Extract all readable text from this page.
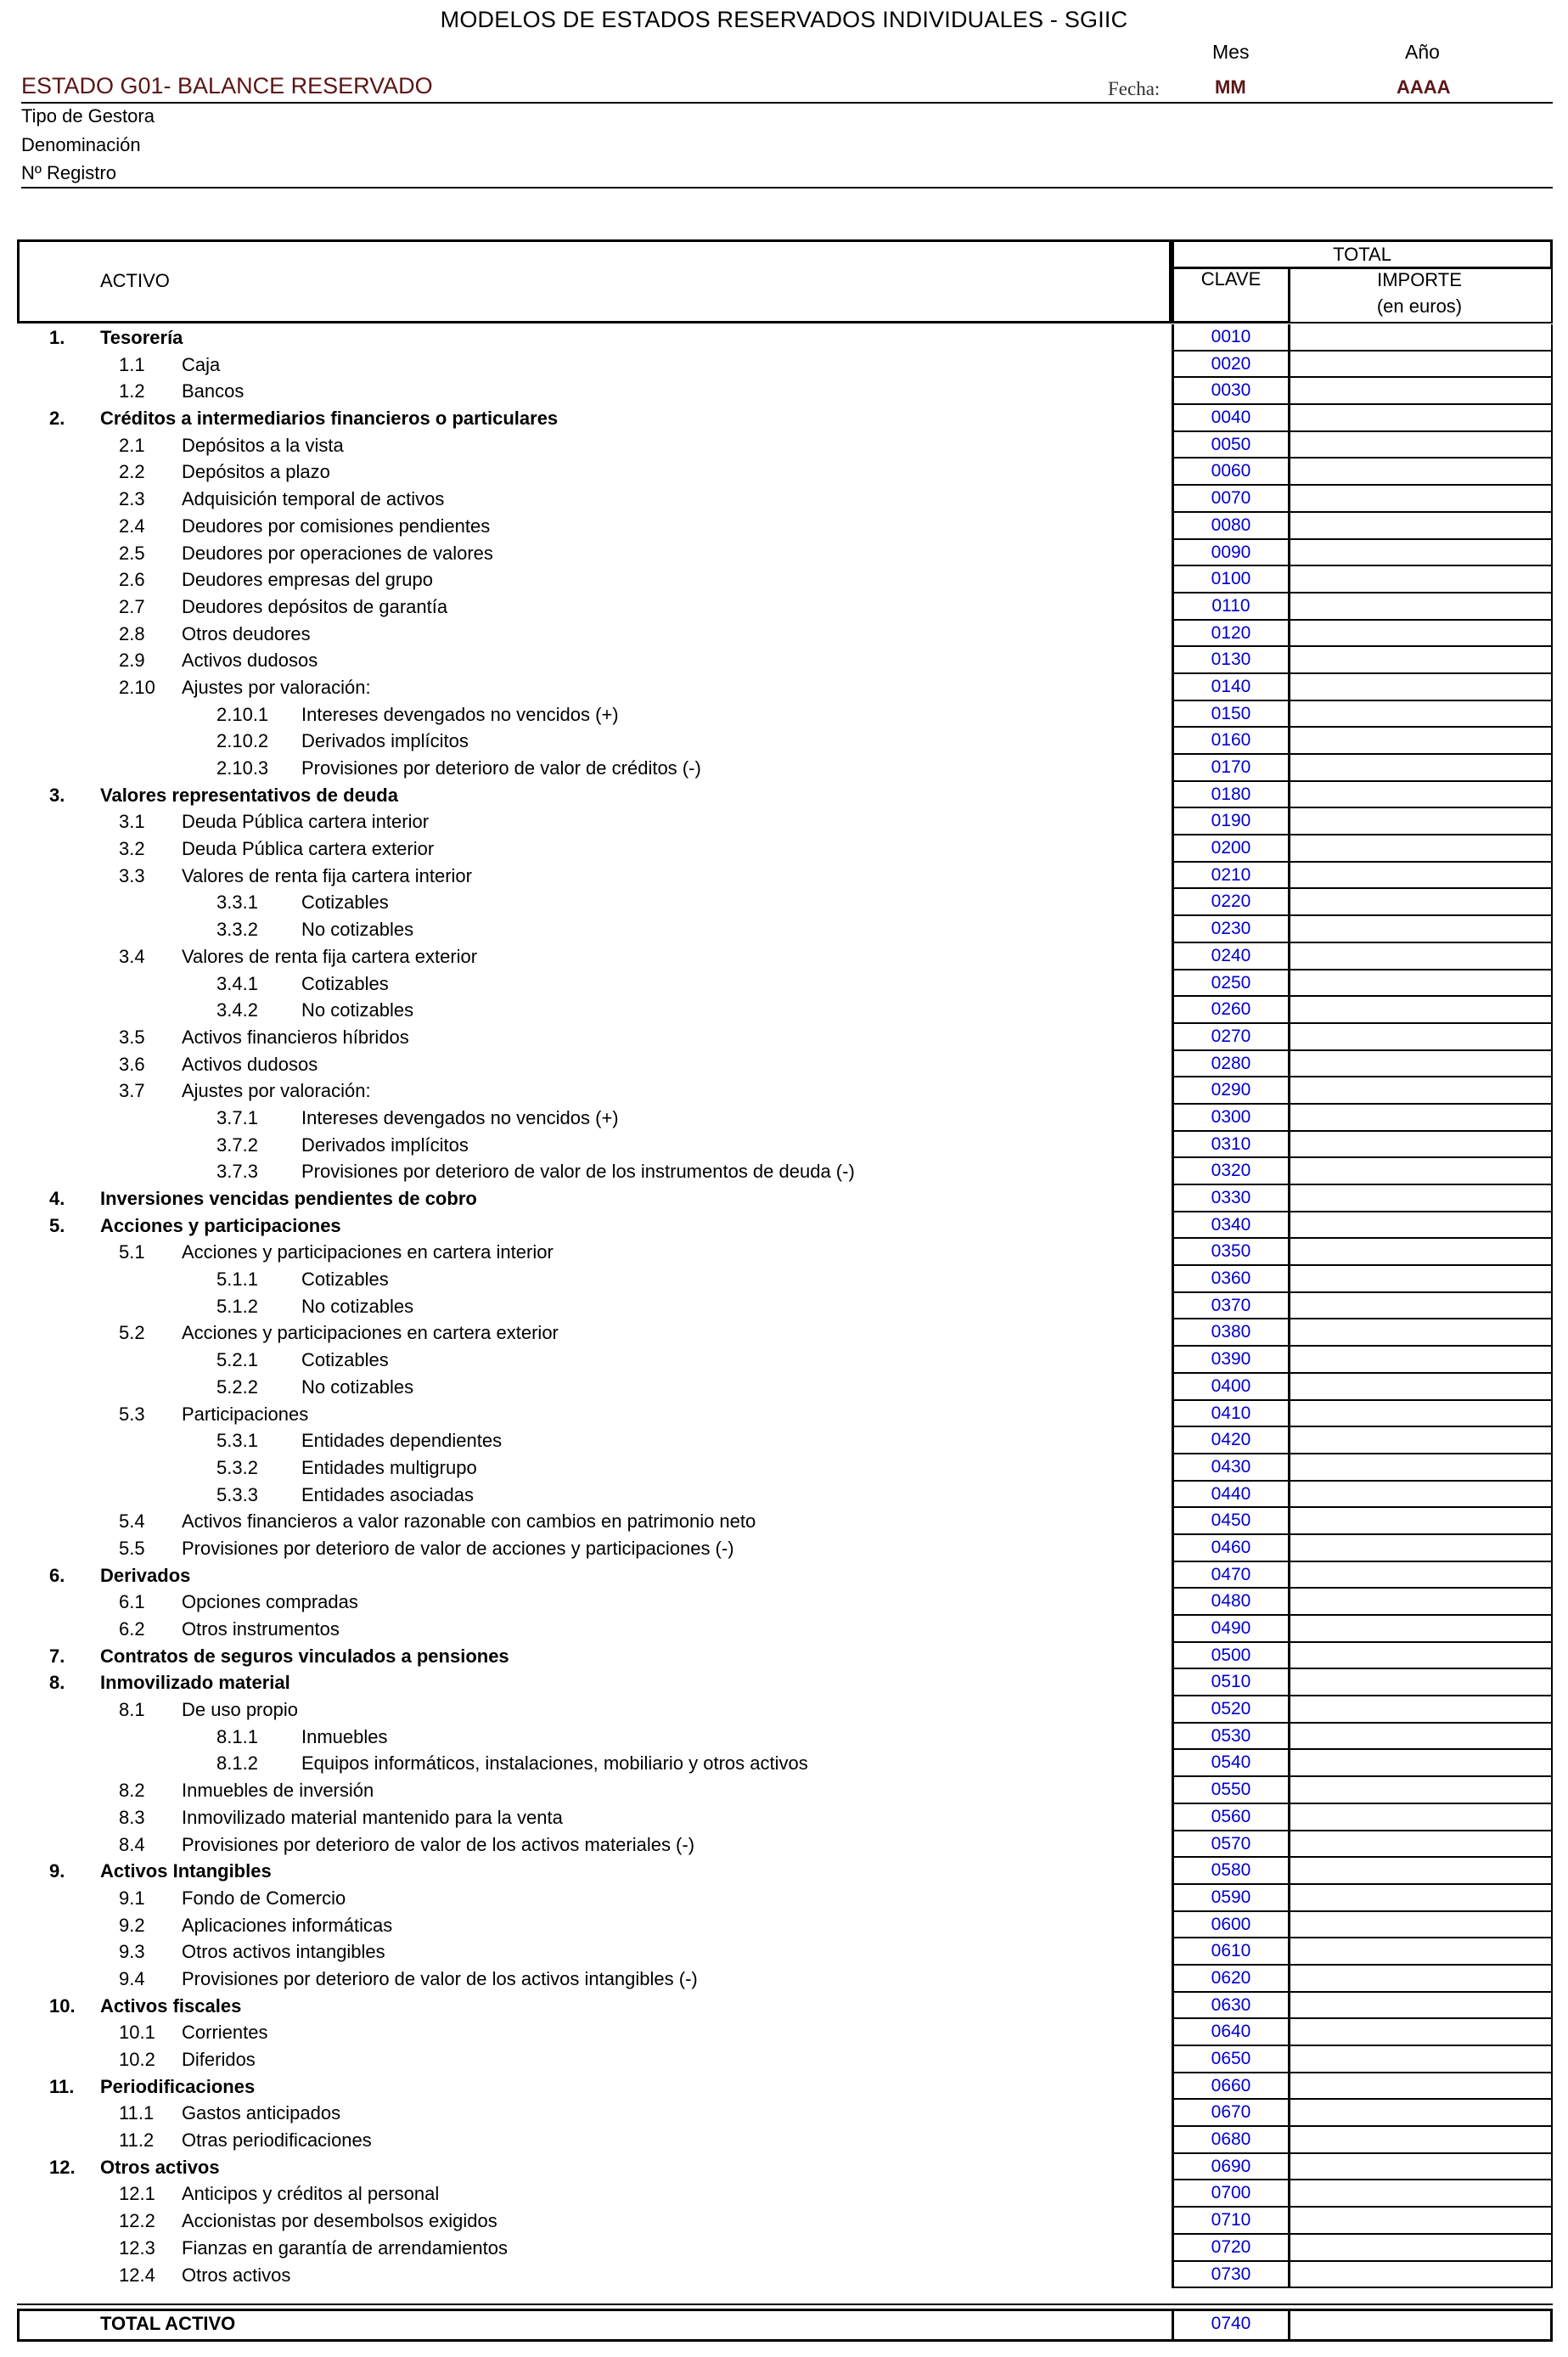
MODELOS DE ESTADOS RESERVADOS INDIVIDUALES - SGIIC
Mes	Año
ESTADO G01- BALANCE RESERVADO	Fecha:	MM	AAAA
Tipo de Gestora
Denominación
Nº Registro
ACTIVO
TOTAL
CLAVE	IMPORTE
(en euros)
1. Tesorería	0010
1.1 Caja	0020
1.2 Bancos	0030
2. Créditos a intermediarios financieros o particulares	0040
2.1 Depósitos a la vista	0050
2.2 Depósitos a plazo	0060
2.3 Adquisición temporal de activos	0070
2.4 Deudores por comisiones pendientes	0080
2.5 Deudores por operaciones de valores	0090
2.6 Deudores empresas del grupo	0100
2.7 Deudores depósitos de garantía	0110
2.8 Otros deudores	0120
2.9 Activos dudosos	0130
2.10 Ajustes por valoración:	0140
2.10.1 Intereses devengados no vencidos (+)	0150
2.10.2 Derivados implícitos	0160
2.10.3 Provisiones por deterioro de valor de créditos (-)	0170
3. Valores representativos de deuda	0180
3.1 Deuda Pública cartera interior	0190
3.2 Deuda Pública cartera exterior	0200
3.3 Valores de renta fija cartera interior	0210
3.3.1 Cotizables	0220
3.3.2 No cotizables	0230
3.4 Valores de renta fija cartera exterior	0240
3.4.1 Cotizables	0250
3.4.2 No cotizables	0260
3.5 Activos financieros híbridos	0270
3.6 Activos dudosos	0280
3.7 Ajustes por valoración:	0290
3.7.1 Intereses devengados no vencidos (+)	0300
3.7.2 Derivados implícitos	0310
3.7.3 Provisiones por deterioro de valor de los instrumentos de deuda (-)	0320
4. Inversiones vencidas pendientes de cobro	0330
5. Acciones y participaciones	0340
5.1 Acciones y participaciones en cartera interior	0350
5.1.1 Cotizables	0360
5.1.2 No cotizables	0370
5.2 Acciones y participaciones en cartera exterior	0380
5.2.1 Cotizables	0390
5.2.2 No cotizables	0400
5.3 Participaciones	0410
5.3.1 Entidades dependientes	0420
5.3.2 Entidades multigrupo	0430
5.3.3 Entidades asociadas	0440
5.4 Activos financieros a valor razonable con cambios en patrimonio neto	0450
5.5 Provisiones por deterioro de valor de acciones y participaciones (-)	0460
6. Derivados	0470
6.1 Opciones compradas	0480
6.2 Otros instrumentos	0490
7. Contratos de seguros vinculados a pensiones	0500
8. Inmovilizado material	0510
8.1 De uso propio	0520
8.1.1 Inmuebles	0530
8.1.2 Equipos informáticos, instalaciones, mobiliario y otros activos	0540
8.2 Inmuebles de inversión	0550
8.3 Inmovilizado material mantenido para la venta	0560
8.4 Provisiones por deterioro de valor de los activos materiales (-)	0570
9. Activos Intangibles	0580
9.1 Fondo de Comercio	0590
9.2 Aplicaciones informáticas	0600
9.3 Otros activos intangibles	0610
9.4 Provisiones por deterioro de valor de los activos intangibles (-)	0620
10. Activos fiscales	0630
10.1 Corrientes	0640
10.2 Diferidos	0650
11. Periodificaciones	0660
11.1 Gastos anticipados	0670
11.2 Otras periodificaciones	0680
12. Otros activos	0690
12.1 Anticipos y créditos al personal	0700
12.2 Accionistas por desembolsos exigidos	0710
12.3 Fianzas en garantía de arrendamientos	0720
12.4 Otros activos	0730
TOTAL ACTIVO	0740
